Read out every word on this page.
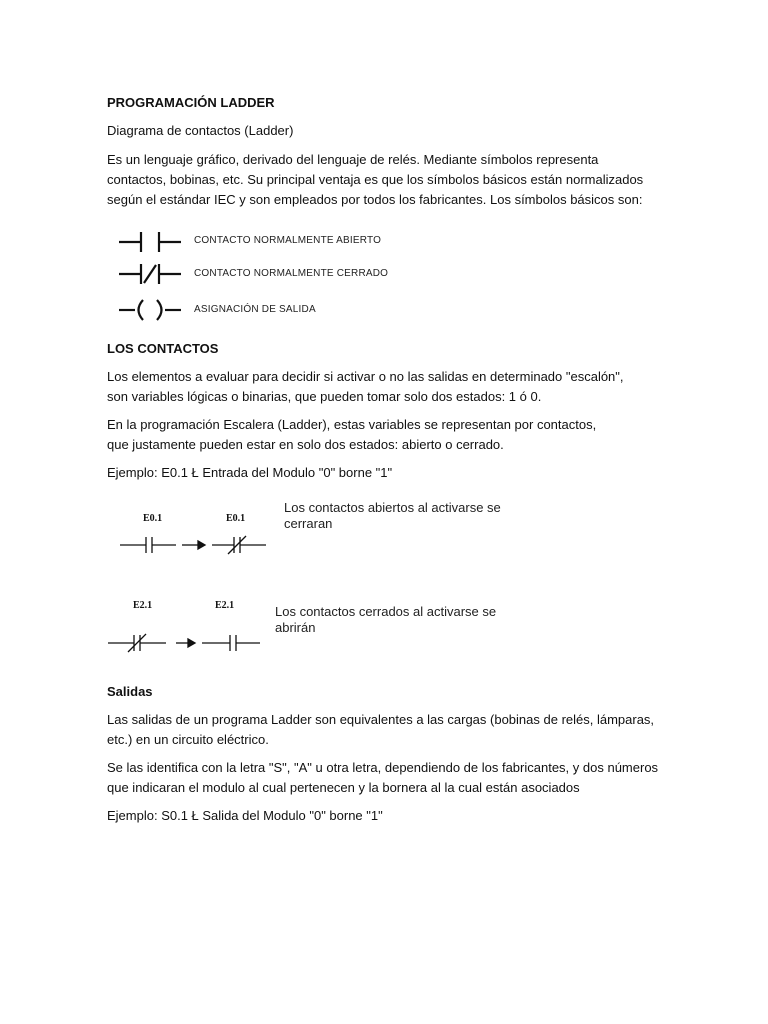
PROGRAMACIÓN LADDER

Diagrama de contactos (Ladder)

Es un lenguaje gráfico, derivado del lenguaje de relés. Mediante símbolos representa contactos, bobinas, etc. Su principal ventaja es que los símbolos básicos están normalizados según el estándar IEC y son empleados por todos los fabricantes. Los símbolos básicos son:

CONTACTO NORMALMENTE ABIERTO
CONTACTO NORMALMENTE CERRADO
ASIGNACIÓN DE SALIDA

LOS CONTACTOS

Los elementos a evaluar para decidir si activar o no las salidas en determinado "escalón", son variables lógicas o binarias, que pueden tomar solo dos estados: 1 ó 0.

En la programación Escalera (Ladder), estas variables se representan por contactos, que justamente pueden estar en solo dos estados: abierto o cerrado.

Ejemplo: E0.1 Ł Entrada del Modulo "0" borne "1"

E0.1	E0.1
Los contactos abiertos al activarse se cerraran
E2.1	E2.1	Los contactos cerrados al activarse se abrirán

Salidas

Las salidas de un programa Ladder son equivalentes a las cargas (bobinas de relés, lámparas, etc.) en un circuito eléctrico.

Se las identifica con la letra "S", "A" u otra letra, dependiendo de los fabricantes, y dos números que indicaran el modulo al cual pertenecen y la bornera al la cual están asociados

Ejemplo: S0.1 Ł Salida del Modulo "0" borne "1"
